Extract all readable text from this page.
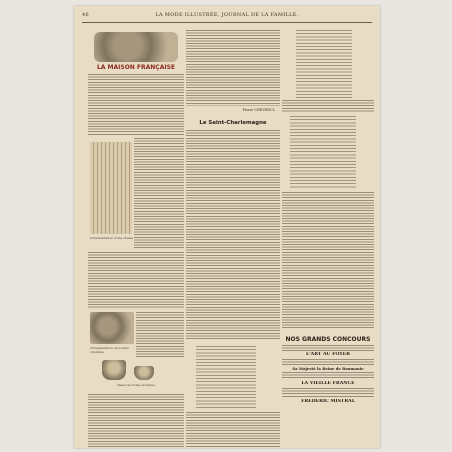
46	LA MODE ILLUSTRÉE, JOURNAL DE LA FAMILLE.
LA MAISON FRANÇAISE
Ornementation d'une chaise
Ornementation de soierie orientale
Vases de forme ancienne
Pierre CHEVREUL.
Le Saint-Charlemagne
NOS GRANDS CONCOURS
L'ART AU FOYER
Sa Majesté la Reine de Roumanie
LA VIEILLE FRANCE
FRÉDÉRIC MISTRAL
